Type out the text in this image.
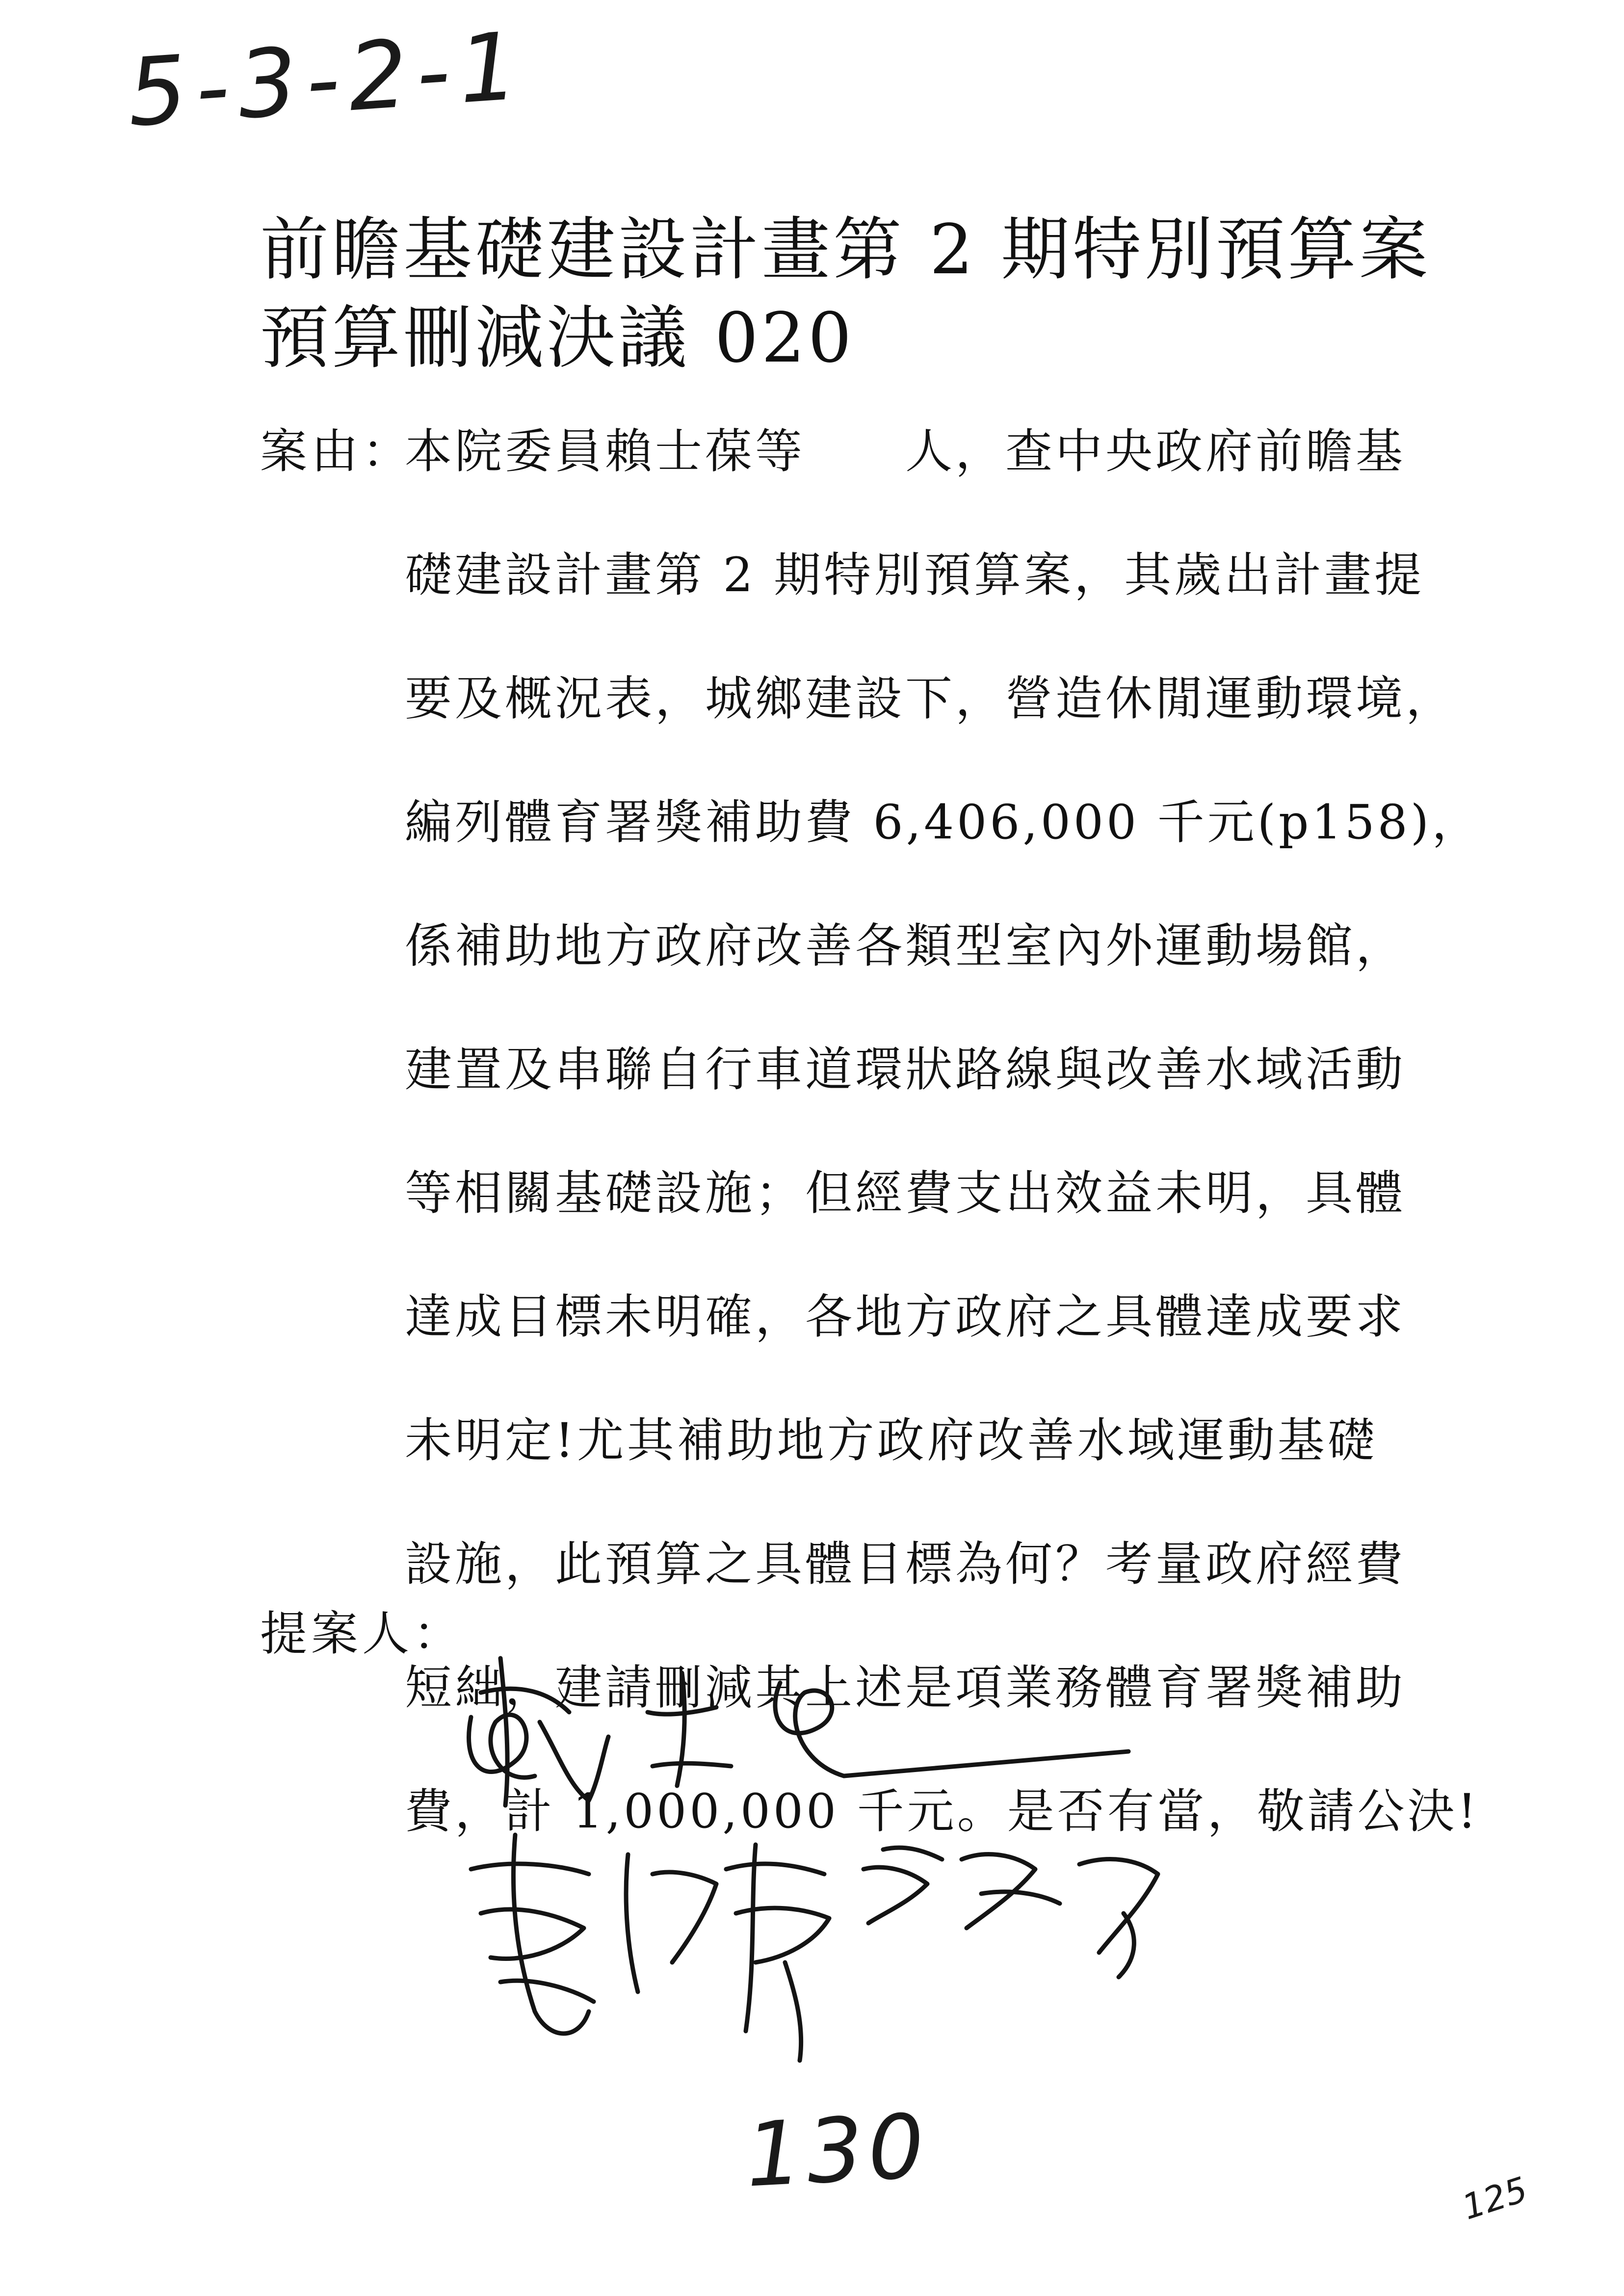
5-3-2-1
前瞻基礎建設計畫第 2 期特別預算案
預算刪減決議 020
案由：
本院委員賴士葆等　　人，查中央政府前瞻基
礎建設計畫第 2 期特別預算案，其歲出計畫提
要及概況表，城鄉建設下，營造休閒運動環境，
編列體育署獎補助費 6,406,000 千元(p158)，
係補助地方政府改善各類型室內外運動場館，
建置及串聯自行車道環狀路線與改善水域活動
等相關基礎設施；但經費支出效益未明，具體
達成目標未明確，各地方政府之具體達成要求
未明定!尤其補助地方政府改善水域運動基礎
設施，此預算之具體目標為何？考量政府經費
短絀，建請刪減其上述是項業務體育署獎補助
費，計 1,000,000 千元。是否有當，敬請公決!
提案人：
130	125
